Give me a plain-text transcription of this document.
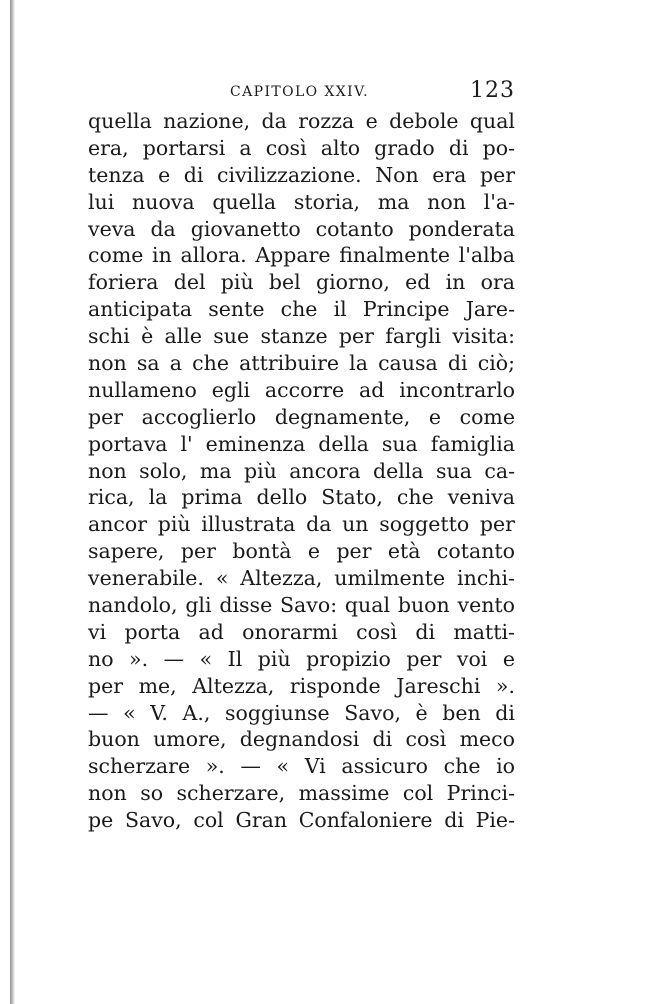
CAPITOLO XXIV.	123
quella nazione, da rozza e debole qual
era, portarsi a così alto grado di po-
tenza e di civilizzazione. Non era per
lui nuova quella storia, ma non l'a-
veva da giovanetto cotanto ponderata
come in allora. Appare finalmente l'alba
foriera del più bel giorno, ed in ora
anticipata sente che il Principe Jare-
schi è alle sue stanze per fargli visita:
non sa a che attribuire la causa di ciò;
nullameno egli accorre ad incontrarlo
per accoglierlo degnamente, e come
portava l' eminenza della sua famiglia
non solo, ma più ancora della sua ca-
rica, la prima dello Stato, che veniva
ancor più illustrata da un soggetto per
sapere, per bontà e per età cotanto
venerabile. « Altezza, umilmente inchi-
nandolo, gli disse Savo: qual buon vento
vi porta ad onorarmi così di matti-
no ». — « Il più propizio per voi e
per me, Altezza, risponde Jareschi ».
— « V. A., soggiunse Savo, è ben di
buon umore, degnandosi di così meco
scherzare ». — « Vi assicuro che io
non so scherzare, massime col Princi-
pe Savo, col Gran Confaloniere di Pie-
